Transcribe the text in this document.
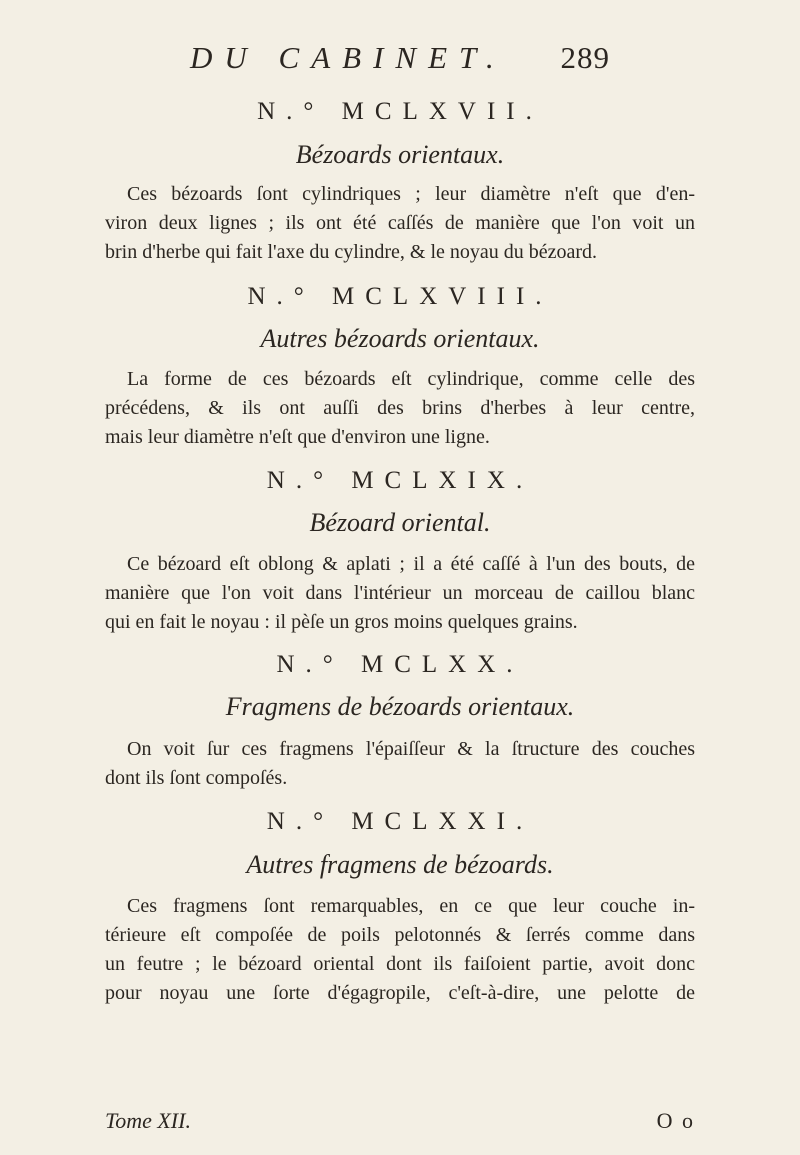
DU CABINET. 289
N.° MCLXVII.
Bézoards orientaux.
Ces bézoards ſont cylindriques ; leur diamètre n'eſt que d'en-
viron deux lignes ; ils ont été caſſés de manière que l'on voit un
brin d'herbe qui fait l'axe du cylindre, & le noyau du bézoard.
N.° MCLXVIII.
Autres bézoards orientaux.
La forme de ces bézoards eſt cylindrique, comme celle des
précédens, & ils ont auſſi des brins d'herbes à leur centre,
mais leur diamètre n'eſt que d'environ une ligne.
N.° MCLXIX.
Bézoard oriental.
Ce bézoard eſt oblong & aplati ; il a été caſſé à l'un des bouts, de
manière que l'on voit dans l'intérieur un morceau de caillou blanc
qui en fait le noyau : il pèſe un gros moins quelques grains.
N.° MCLXX.
Fragmens de bézoards orientaux.
On voit ſur ces fragmens l'épaiſſeur & la ſtructure des couches
dont ils ſont compoſés.
N.° MCLXXI.
Autres fragmens de bézoards.
Ces fragmens ſont remarquables, en ce que leur couche in-
térieure eſt compoſée de poils pelotonnés & ſerrés comme dans
un feutre ; le bézoard oriental dont ils faiſoient partie, avoit donc
pour noyau une ſorte d'égagropile, c'eſt-à-dire, une pelotte de
Tome XII.	O o
